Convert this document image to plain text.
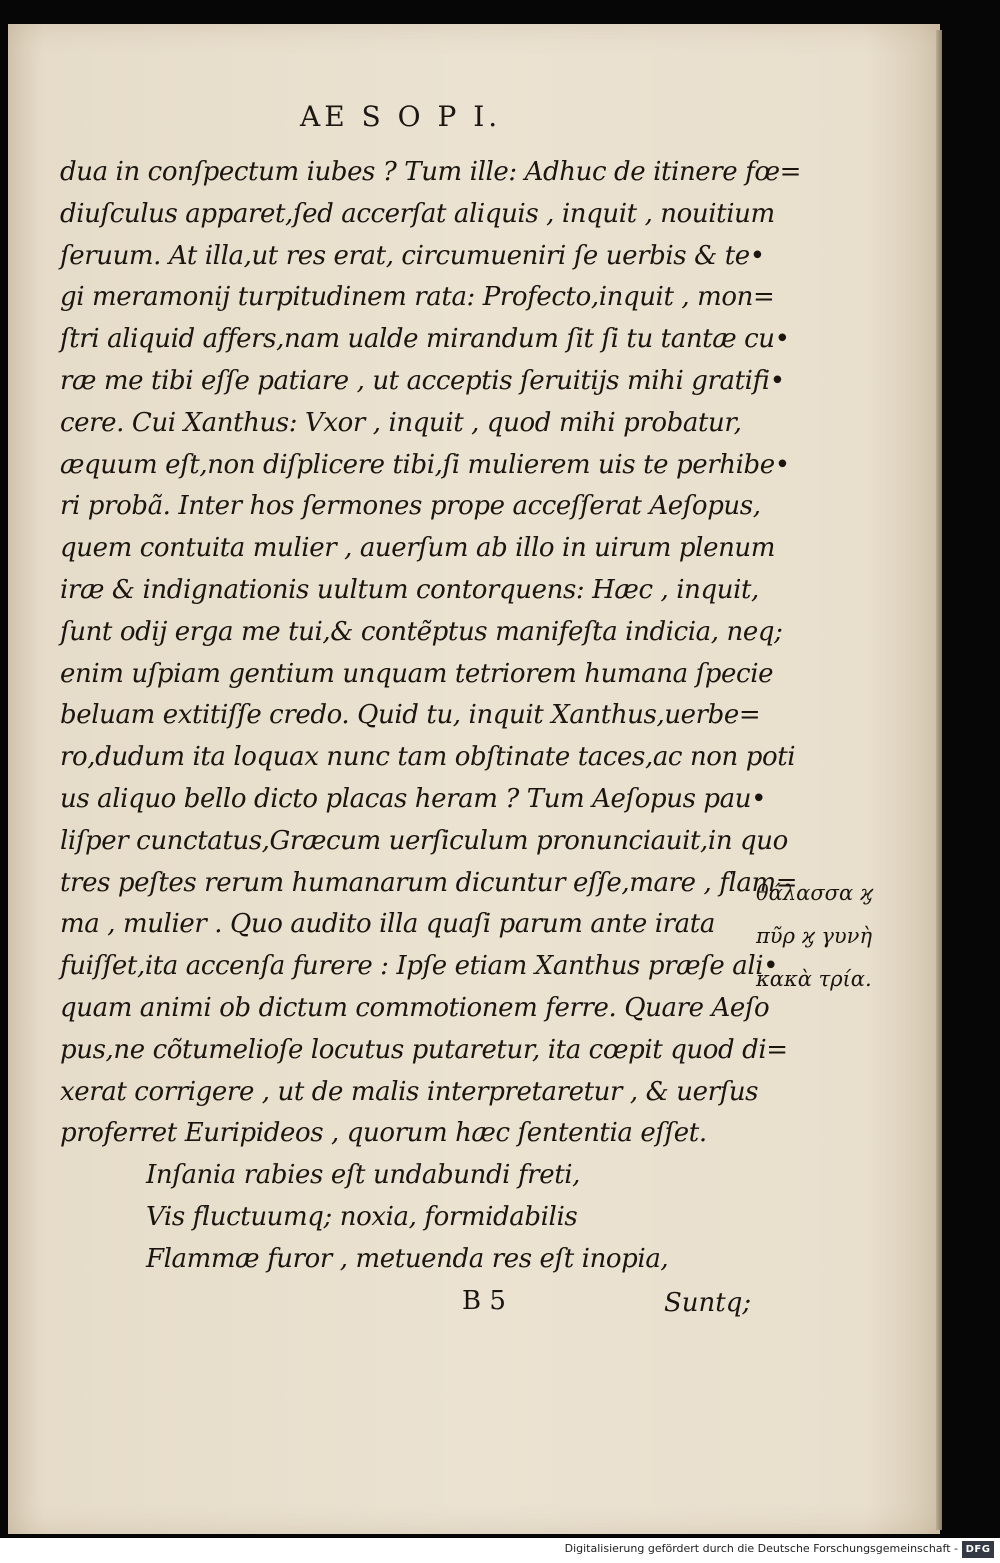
AE S O P I.
dua in conſpectum iubes ? Tum ille: Adhuc de itinere fœ=
diuſculus apparet,ſed accerſat aliquis , inquit , nouitium
ſeruum. At illa,ut res erat, circumueniri ſe uerbis & te•
gi meramonij turpitudinem rata: Profecto,inquit , mon=
ſtri aliquid affers,nam ualde mirandum ſit ſi tu tantæ cu•
ræ me tibi eſſe patiare , ut acceptis ſeruitijs mihi gratifi•
cere. Cui Xanthus: Vxor , inquit , quod mihi probatur,
æquum eſt,non diſplicere tibi,ſi mulierem uis te perhibe•
ri probã. Inter hos ſermones prope acceſſerat Aeſopus,
quem contuita mulier , auerſum ab illo in uirum plenum
iræ & indignationis uultum contorquens: Hæc , inquit,
ſunt odij erga me tui,& contẽptus manifeſta indicia, neq;
enim uſpiam gentium unquam tetriorem humana ſpecie
beluam extitiſſe credo. Quid tu, inquit Xanthus,uerbe=
ro,dudum ita loquax nunc tam obſtinate taces,ac non poti
us aliquo bello dicto placas heram ? Tum Aeſopus pau•
liſper cunctatus,Græcum uerſiculum pronunciauit,in quo
tres peſtes rerum humanarum dicuntur eſſe,mare , flam=
ma , mulier . Quo audito illa quaſi parum ante irata
fuiſſet,ita accenſa furere : Ipſe etiam Xanthus præſe ali•
quam animi ob dictum commotionem ferre. Quare Aeſo
pus,ne cõtumelioſe locutus putaretur, ita cœpit quod di=
xerat corrigere , ut de malis interpretaretur , & uerſus
proferret Euripideos , quorum hæc ſententia eſſet.
Inſania rabies eſt undabundi freti,
Vis fluctuumq; noxia, formidabilis
Flammæ furor , metuenda res eſt inopia,
θάλασσα ϗ
πῦρ ϗ γυνὴ
κακὰ τρία.
B 5	Suntq;
Digitalisierung gefördert durch die Deutsche Forschungsgemeinschaft - DFG
